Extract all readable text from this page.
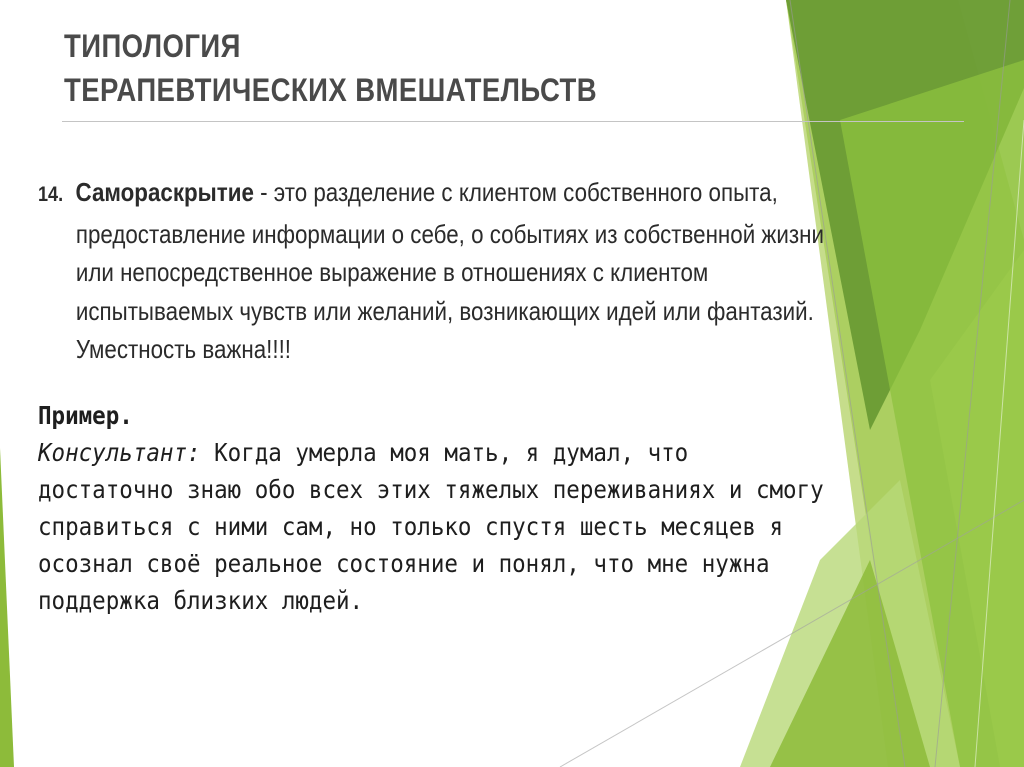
ТИПОЛОГИЯ
ТЕРАПЕВТИЧЕСКИХ ВМЕШАТЕЛЬСТВ
14. Самораскрытие - это разделение с клиентом собственного опыта,
предоставление информации о себе, о событиях из собственной жизни
или непосредственное выражение в отношениях с клиентом
испытываемых чувств или желаний, возникающих идей или фантазий.
Уместность важна!!!!
Пример.
Консультант: Когда умерла моя мать, я думал, что
достаточно знаю обо всех этих тяжелых переживаниях и смогу
справиться с ними сам, но только спустя шесть месяцев я
осознал своё реальное состояние и понял, что мне нужна
поддержка близких людей.
